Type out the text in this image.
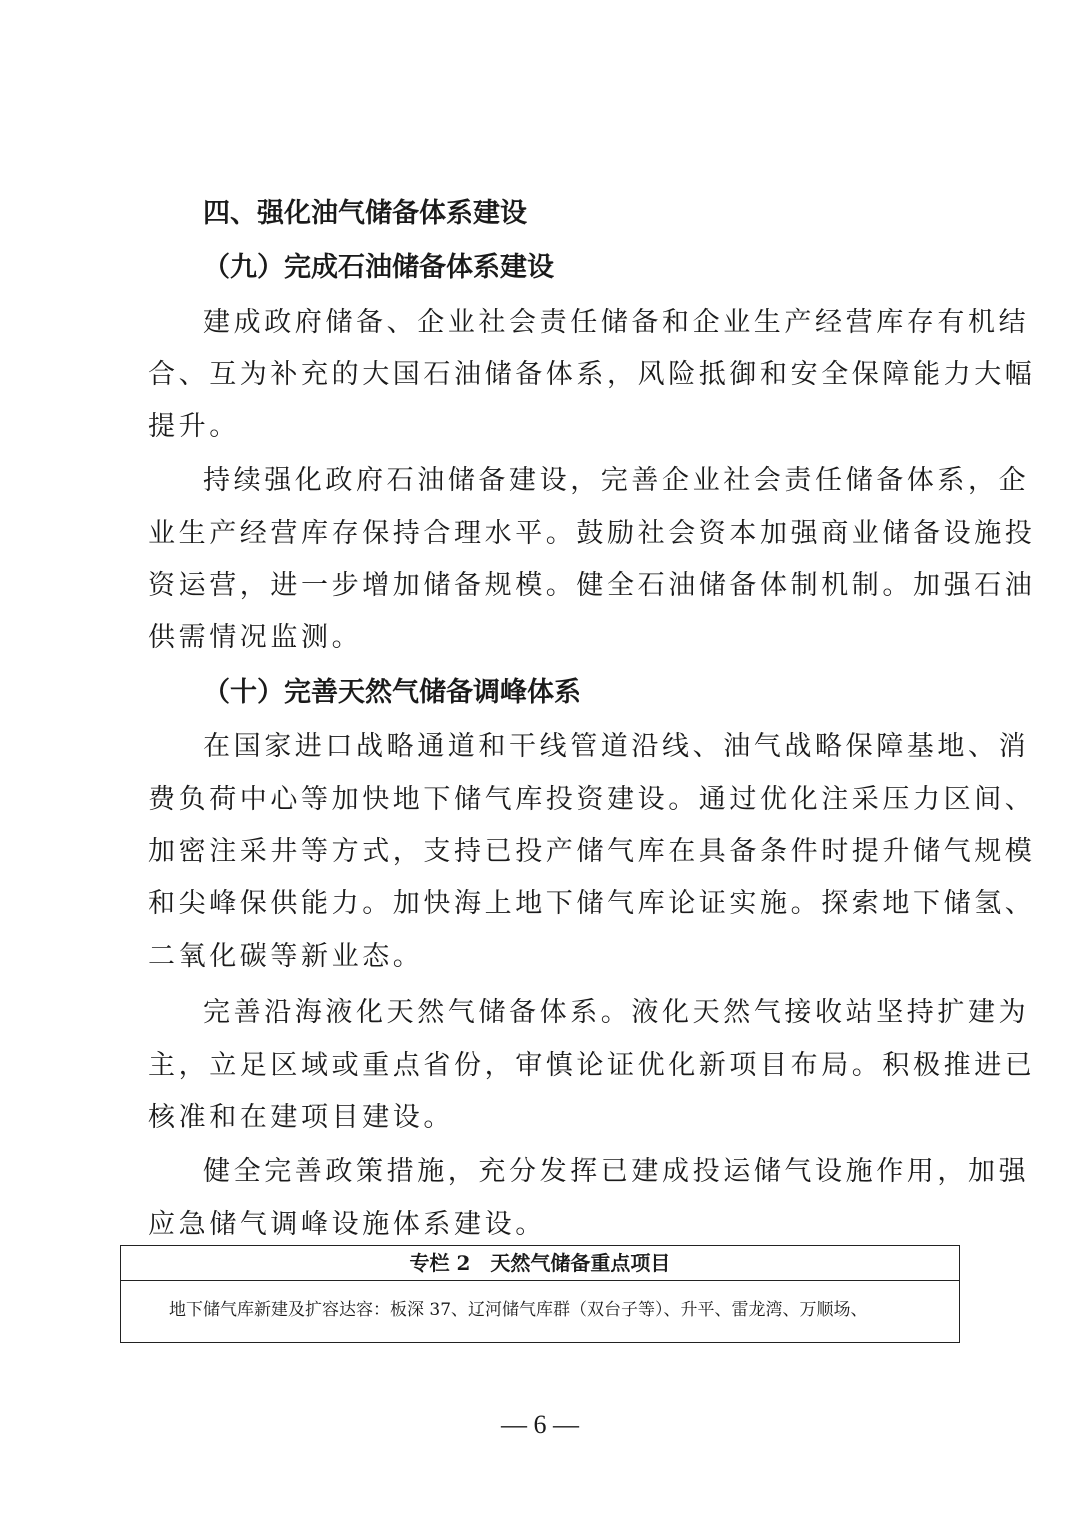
四、强化油气储备体系建设
（九）完成石油储备体系建设
建成政府储备、企业社会责任储备和企业生产经营库存有机结
合、互为补充的大国石油储备体系，风险抵御和安全保障能力大幅
提升。
持续强化政府石油储备建设，完善企业社会责任储备体系，企
业生产经营库存保持合理水平。鼓励社会资本加强商业储备设施投
资运营，进一步增加储备规模。健全石油储备体制机制。加强石油
供需情况监测。
（十）完善天然气储备调峰体系
在国家进口战略通道和干线管道沿线、油气战略保障基地、消
费负荷中心等加快地下储气库投资建设。通过优化注采压力区间、
加密注采井等方式，支持已投产储气库在具备条件时提升储气规模
和尖峰保供能力。加快海上地下储气库论证实施。探索地下储氢、
二氧化碳等新业态。
完善沿海液化天然气储备体系。液化天然气接收站坚持扩建为
主，立足区域或重点省份，审慎论证优化新项目布局。积极推进已
核准和在建项目建设。
健全完善政策措施，充分发挥已建成投运储气设施作用，加强
应急储气调峰设施体系建设。
专栏 2　天然气储备重点项目
地下储气库新建及扩容达容：板深 37、辽河储气库群（双台子等）、升平、雷龙湾、万顺场、
— 6 —
